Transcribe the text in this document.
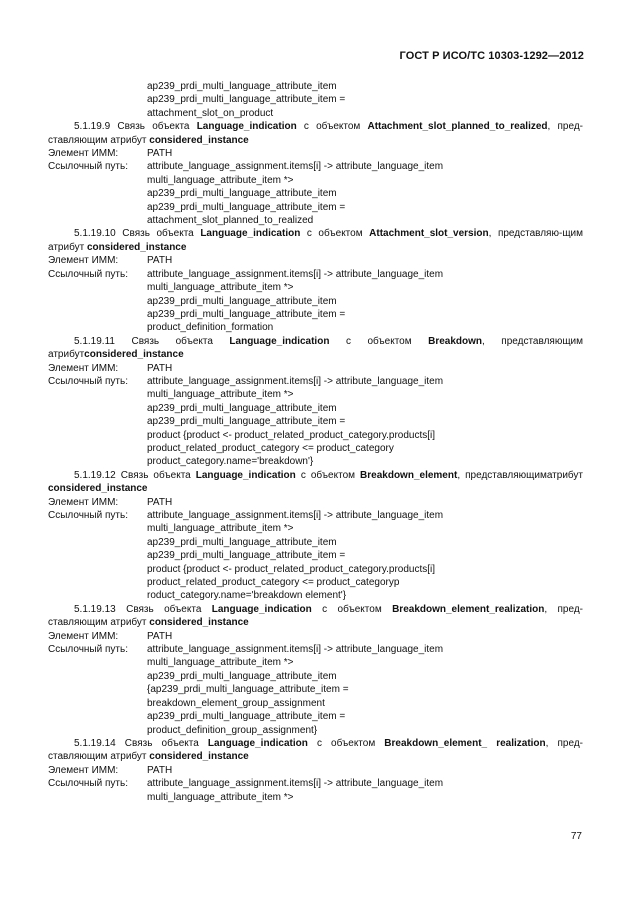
ГОСТ Р ИСО/ТС 10303-1292—2012
ap239_prdi_multi_language_attribute_item
ap239_prdi_multi_language_attribute_item =
attachment_slot_on_product
5.1.19.9 Связь объекта Language_indication с объектом Attachment_slot_planned_to_realized, пред-ставляющим атрибут considered_instance
Элемент ИММ:	PATH
Ссылочный путь:	attribute_language_assignment.items[i] -> attribute_language_item
multi_language_attribute_item *>
ap239_prdi_multi_language_attribute_item
ap239_prdi_multi_language_attribute_item =
attachment_slot_planned_to_realized
5.1.19.10 Связь объекта Language_indication с объектом Attachment_slot_version, представляю-щим атрибут considered_instance
Элемент ИММ:	PATH
Ссылочный путь:	attribute_language_assignment.items[i] -> attribute_language_item
multi_language_attribute_item *>
ap239_prdi_multi_language_attribute_item
ap239_prdi_multi_language_attribute_item =
product_definition_formation
5.1.19.11 Связь объекта Language_indication с объектом Breakdown, представляющим атрибутconsidered_instance
Элемент ИММ:	PATH
Ссылочный путь:	attribute_language_assignment.items[i] -> attribute_language_item
multi_language_attribute_item *>
ap239_prdi_multi_language_attribute_item
ap239_prdi_multi_language_attribute_item =
product {product <- product_related_product_category.products[i]
product_related_product_category <= product_category
product_category.name='breakdown'}
5.1.19.12 Связь объекта Language_indication с объектом Breakdown_element, представляющиматрибут considered_instance
Элемент ИММ:	PATH
Ссылочный путь:	attribute_language_assignment.items[i] -> attribute_language_item
multi_language_attribute_item *>
ap239_prdi_multi_language_attribute_item
ap239_prdi_multi_language_attribute_item =
product {product <- product_related_product_category.products[i]
product_related_product_category <= product_categoryp
roduct_category.name='breakdown element'}
5.1.19.13 Связь объекта Language_indication с объектом Breakdown_element_realization, пред-ставляющим атрибут considered_instance
Элемент ИММ:	PATH
Ссылочный путь:	attribute_language_assignment.items[i] -> attribute_language_item
multi_language_attribute_item *>
ap239_prdi_multi_language_attribute_item
{ap239_prdi_multi_language_attribute_item =
breakdown_element_group_assignment
ap239_prdi_multi_language_attribute_item =
product_definition_group_assignment}
5.1.19.14 Связь объекта Language_indication с объектом Breakdown_element_ realization, пред-ставляющим атрибут considered_instance
Элемент ИММ:	PATH
Ссылочный путь:	attribute_language_assignment.items[i] -> attribute_language_item
multi_language_attribute_item *>
77
